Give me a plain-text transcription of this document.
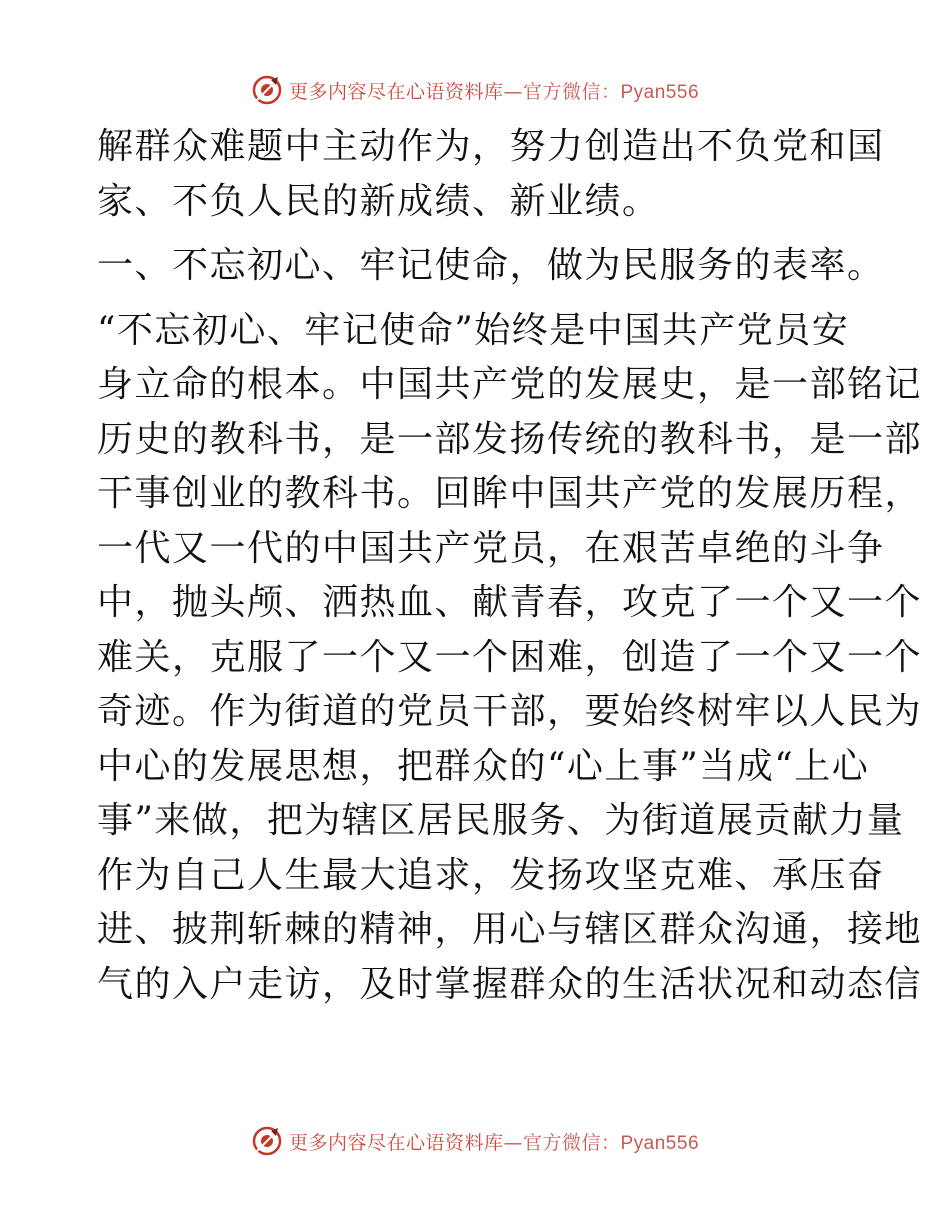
更多内容尽在心语资料库—官方微信：Pyan556
解群众难题中主动作为，努力创造出不负党和国
家、不负人民的新成绩、新业绩。
一、不忘初心、牢记使命，做为民服务的表率。
“不忘初心、牢记使命”始终是中国共产党员安
身立命的根本。中国共产党的发展史，是一部铭记
历史的教科书，是一部发扬传统的教科书，是一部
干事创业的教科书。回眸中国共产党的发展历程，
一代又一代的中国共产党员，在艰苦卓绝的斗争
中，抛头颅、洒热血、献青春，攻克了一个又一个
难关，克服了一个又一个困难，创造了一个又一个
奇迹。作为街道的党员干部，要始终树牢以人民为
中心的发展思想，把群众的“心上事”当成“上心
事”来做，把为辖区居民服务、为街道展贡献力量
作为自己人生最大追求，发扬攻坚克难、承压奋
进、披荆斩棘的精神，用心与辖区群众沟通，接地
气的入户走访，及时掌握群众的生活状况和动态信
更多内容尽在心语资料库—官方微信：Pyan556
